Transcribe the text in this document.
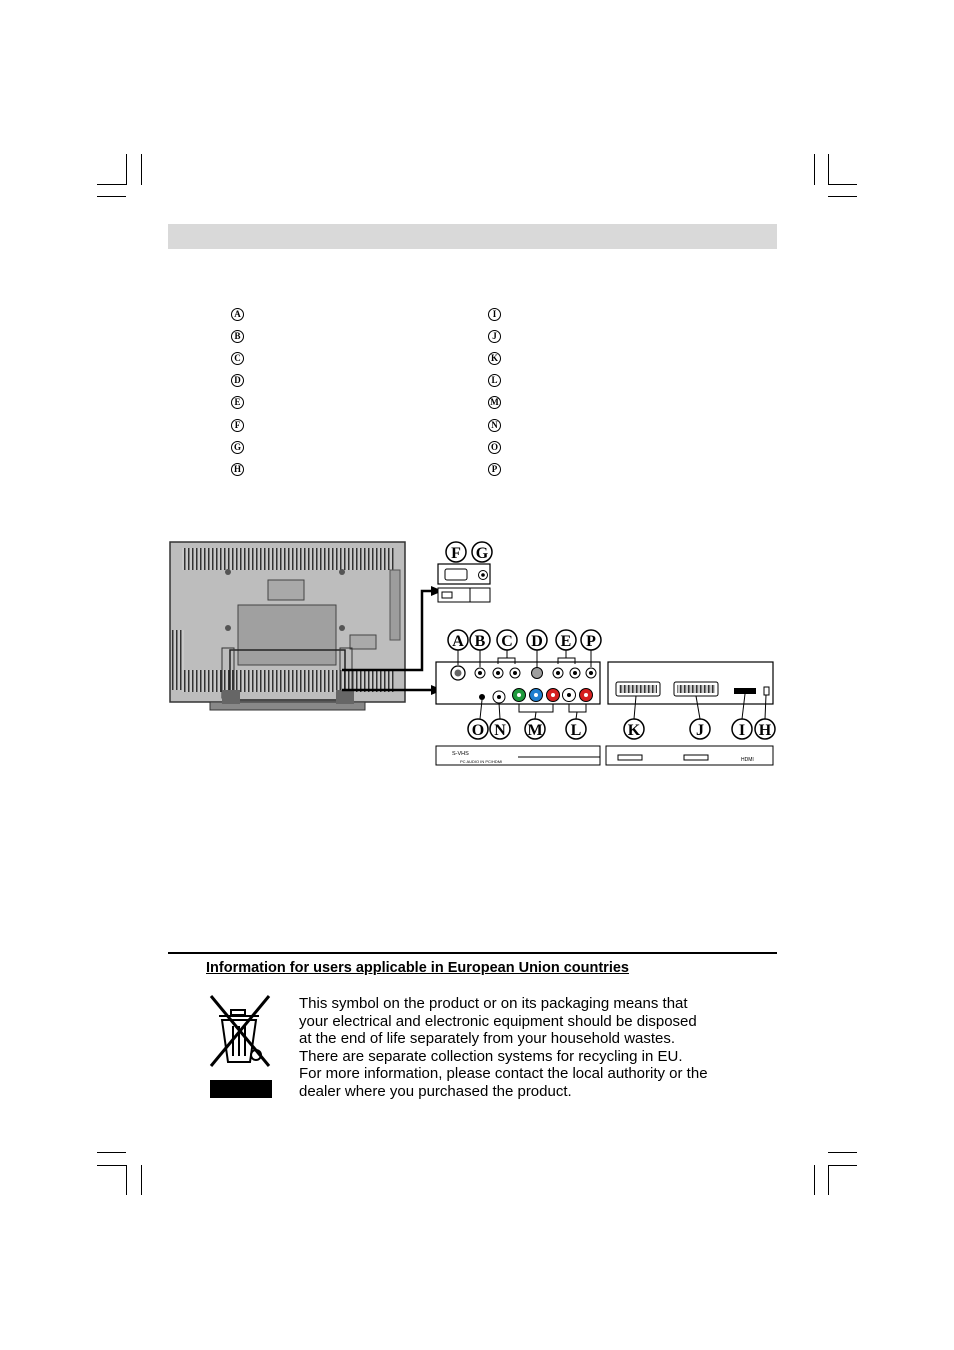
A
B
C
D
E
F
G
H
I
J
K
L
M
N
O
P
F G
S-VHS
PC AUDIO IN PC/HDMI	HDMI
A B C D E P
O N M L	K	J I H
Information for users applicable in European Union countries
This symbol on the product or on its packaging means that
your electrical and electronic equipment should be disposed
at the end of life separately from your household wastes.
There are separate collection systems for recycling in EU.
For more information, please contact the local authority or the
dealer where you purchased the product.
